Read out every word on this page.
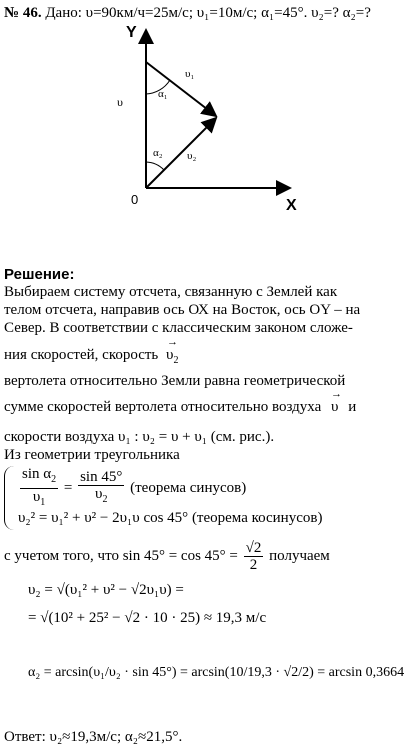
№ 46. Дано: υ=90км/ч=25м/с; υ₁=10м/с; α₁=45°. υ₂=? α₂=?
Y
X
0
υ
υ₁
υ₂
α₁
α₂
Решение:
Выбираем систему отсчета, связанную с Землей как
телом отсчета, направив ось ОХ на Восток, ось ОY – на
Север. В соответствии с классическим законом сложе-
ния скоростей, скорость
→
$\upsilon_2$
вертолета относительно Земли равна геометрической
сумме скоростей вертолета относительно воздуха
→
υ и
скорости воздуха υ₁ : υ₂ = υ + υ₁ (см. рис.).
Из геометрии треугольника
$\frac{\sin \alpha_2}{\upsilon_1} = \frac{\sin 45^\circ}{\upsilon_2}$ (теорема синусов)
υ₂² = υ₁² + υ² − 2υ₁υ cos 45° (теорема косинусов)
с учетом того, что $\sin 45^\circ = \cos 45^\circ = \frac{√2}{2}$ получаем
υ₂ = √(υ₁² + υ² − √2υ₁υ) =
= √(10² + 25² − √2 · 10 · 25) ≈ 19,3 м/с
α₂ = arcsin(υ₁/υ₂ · sin 45°) = arcsin(10/19,3 · √2/2) = arcsin 0,3664
Ответ: υ₂≈19,3м/с; α₂≈21,5°.
